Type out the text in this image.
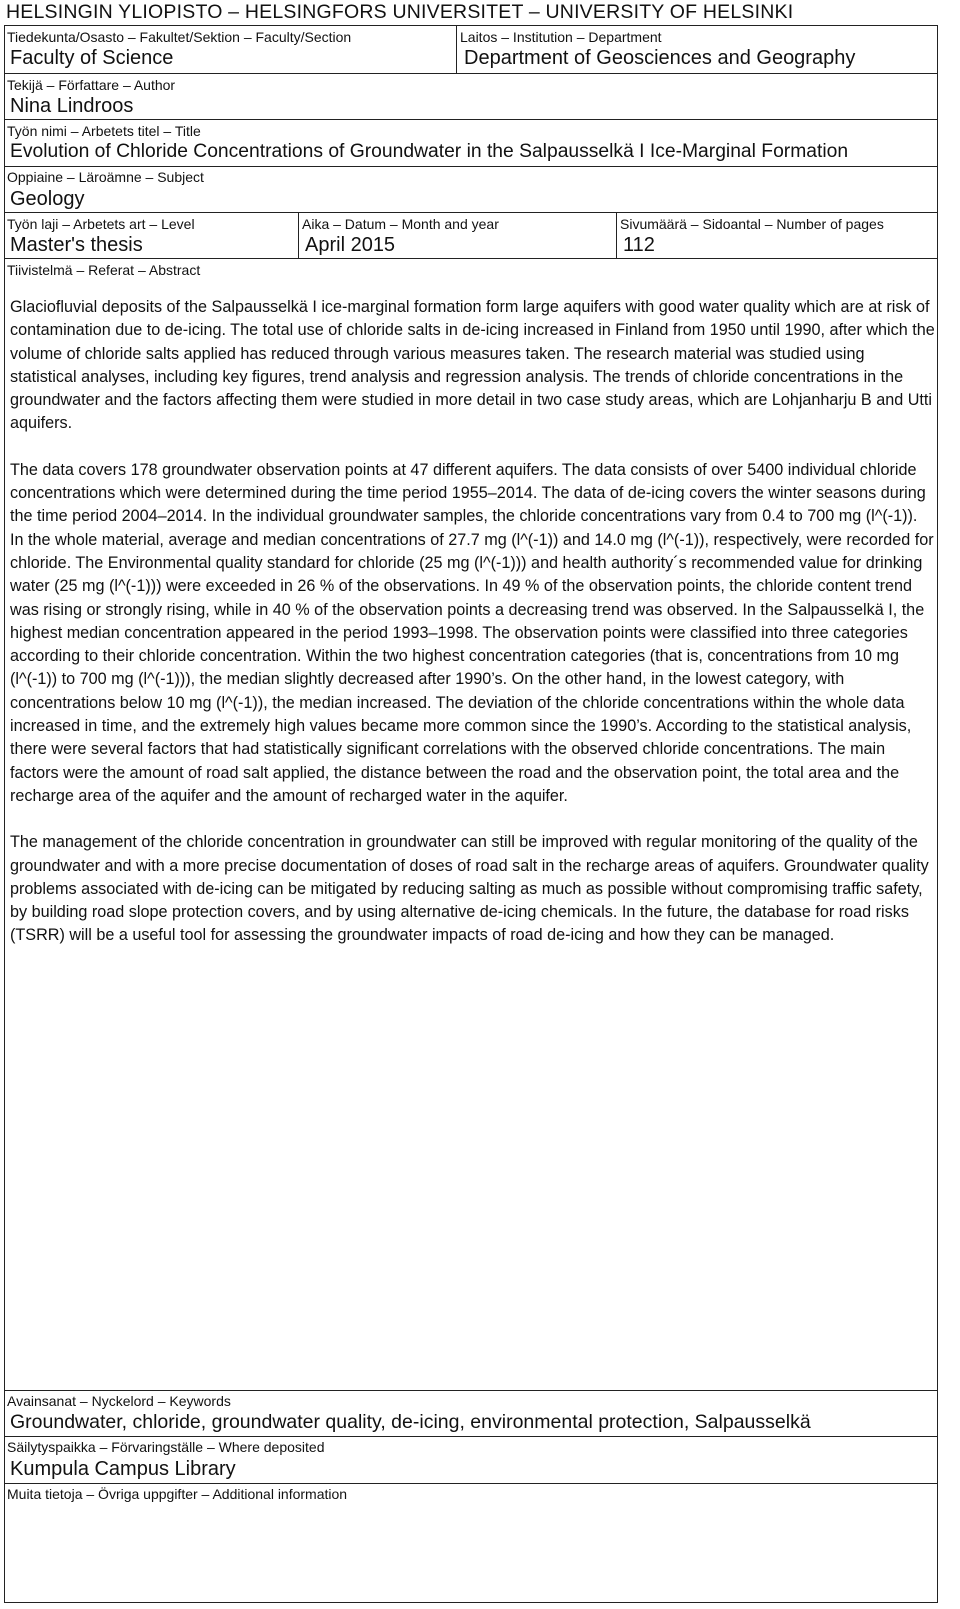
HELSINGIN YLIOPISTO – HELSINGFORS UNIVERSITET – UNIVERSITY OF HELSINKI
Tiedekunta/Osasto – Fakultet/Sektion – Faculty/Section
Faculty of Science
Laitos – Institution – Department
Department of Geosciences and Geography
Tekijä – Författare – Author
Nina Lindroos
Työn nimi – Arbetets titel – Title
Evolution of Chloride Concentrations of Groundwater in the Salpausselkä I Ice-Marginal Formation
Oppiaine – Läroämne – Subject
Geology
Työn laji – Arbetets art – Level
Master's thesis
Aika – Datum – Month and year
April 2015
Sivumäärä – Sidoantal – Number of pages
112
Tiivistelmä – Referat – Abstract

Glaciofluvial deposits of the Salpausselkä I ice-marginal formation form large aquifers with good water quality which are at risk of contamination due to de-icing. The total use of chloride salts in de-icing increased in Finland from 1950 until 1990, after which the volume of chloride salts applied has reduced through various measures taken. The research material was studied using statistical analyses, including key figures, trend analysis and regression analysis. The trends of chloride concentrations in the groundwater and the factors affecting them were studied in more detail in two case study areas, which are Lohjanharju B and Utti aquifers.

The data covers 178 groundwater observation points at 47 different aquifers. The data consists of over 5400 individual chloride concentrations which were determined during the time period 1955–2014. The data of de-icing covers the winter seasons during the time period 2004–2014. In the individual groundwater samples, the chloride concentrations vary from 0.4 to 700 mg (l^(-1)). In the whole material, average and median concentrations of 27.7 mg (l^(-1)) and 14.0 mg (l^(-1)), respectively, were recorded for chloride. The Environmental quality standard for chloride (25 mg (l^(-1))) and health authority´s recommended value for drinking water (25 mg (l^(-1))) were exceeded in 26 % of the observations. In 49 % of the observation points, the chloride content trend was rising or strongly rising, while in 40 % of the observation points a decreasing trend was observed. In the Salpausselkä I, the highest median concentration appeared in the period 1993–1998. The observation points were classified into three categories according to their chloride concentration. Within the two highest concentration categories (that is, concentrations from 10 mg (l^(-1)) to 700 mg (l^(-1))), the median slightly decreased after 1990’s. On the other hand, in the lowest category, with concentrations below 10 mg (l^(-1)), the median increased. The deviation of the chloride concentrations within the whole data increased in time, and the extremely high values became more common since the 1990’s. According to the statistical analysis, there were several factors that had statistically significant correlations with the observed chloride concentrations. The main factors were the amount of road salt applied, the distance between the road and the observation point, the total area and the recharge area of the aquifer and the amount of recharged water in the aquifer.

The management of the chloride concentration in groundwater can still be improved with regular monitoring of the quality of the groundwater and with a more precise documentation of doses of road salt in the recharge areas of aquifers. Groundwater quality problems associated with de-icing can be mitigated by reducing salting as much as possible without compromising traffic safety, by building road slope protection covers, and by using alternative de-icing chemicals. In the future, the database for road risks (TSRR) will be a useful tool for assessing the groundwater impacts of road de-icing and how they can be managed.

Avainsanat – Nyckelord – Keywords
Groundwater, chloride, groundwater quality, de-icing, environmental protection, Salpausselkä
Säilytyspaikka – Förvaringställe – Where deposited
Kumpula Campus Library
Muita tietoja – Övriga uppgifter – Additional information
